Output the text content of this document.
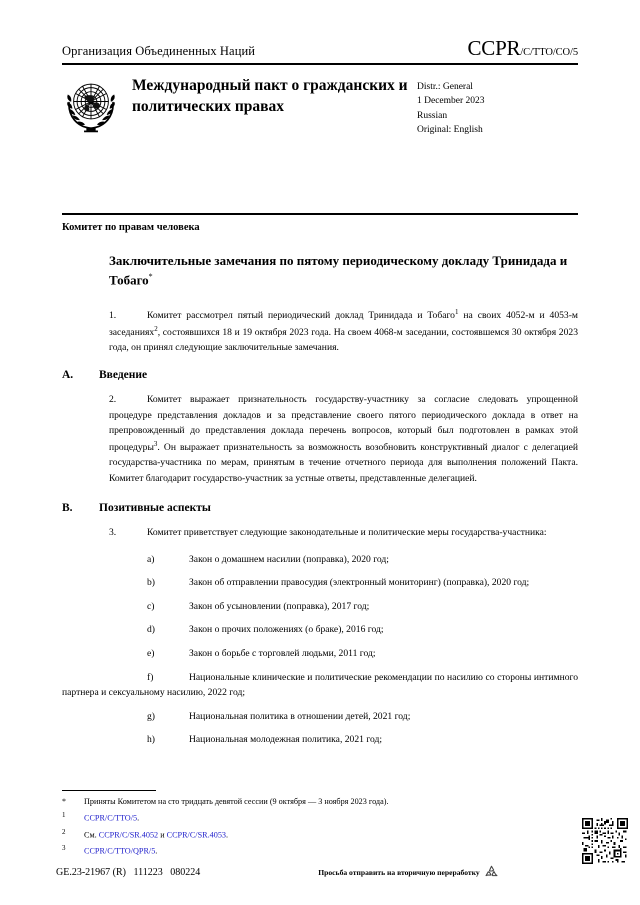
Организация Объединенных Наций	CCPR/C/TTO/CO/5
Международный пакт о гражданских и политических правах
Distr.: General
1 December 2023
Russian
Original: English
Комитет по правам человека
Заключительные замечания по пятому периодическому докладу Тринидада и Тобаго*

1.	Комитет рассмотрел пятый периодический доклад Тринидада и Тобаго$^1$ на своих 4052-м и 4053-м заседаниях$^2$, состоявшихся 18 и 19 октября 2023 года. На своем 4068-м заседании, состоявшемся 30 октября 2023 года, он принял следующие заключительные замечания.

A. Введение

2.	Комитет выражает признательность государству-участнику за согласие следовать упрощенной процедуре представления докладов и за представление своего пятого периодического доклада в ответ на препровожденный до представления доклада перечень вопросов, который был подготовлен в рамках этой процедуры$^3$. Он выражает признательность за возможность возобновить конструктивный диалог с делегацией государства-участника по мерам, принятым в течение отчетного периода для выполнения положений Пакта. Комитет благодарит государство-участник за устные ответы, представленные делегацией.

B. Позитивные аспекты

3.	Комитет приветствует следующие законодательные и политические меры государства-участника:

a)	Закон о домашнем насилии (поправка), 2020 год;
b)	Закон об отправлении правосудия (электронный мониторинг) (поправка), 2020 год;
c)	Закон об усыновлении (поправка), 2017 год;
d)	Закон о прочих положениях (о браке), 2016 год;
e)	Закон о борьбе с торговлей людьми, 2011 год;
f)	Национальные клинические и политические рекомендации по насилию со стороны интимного партнера и сексуальному насилию, 2022 год;
g)	Национальная политика в отношении детей, 2021 год;
h)	Национальная молодежная политика, 2021 год;

* Приняты Комитетом на сто тридцать девятой сессии (9 октября — 3 ноября 2023 года).

1 CCPR/C/TTO/5.

2 См. CCPR/C/SR.4052 и CCPR/C/SR.4053.

3 CCPR/C/TTO/QPR/5.

GE.23-21967 (R)   111223   080224	Просьба отправить на вторичную переработку
